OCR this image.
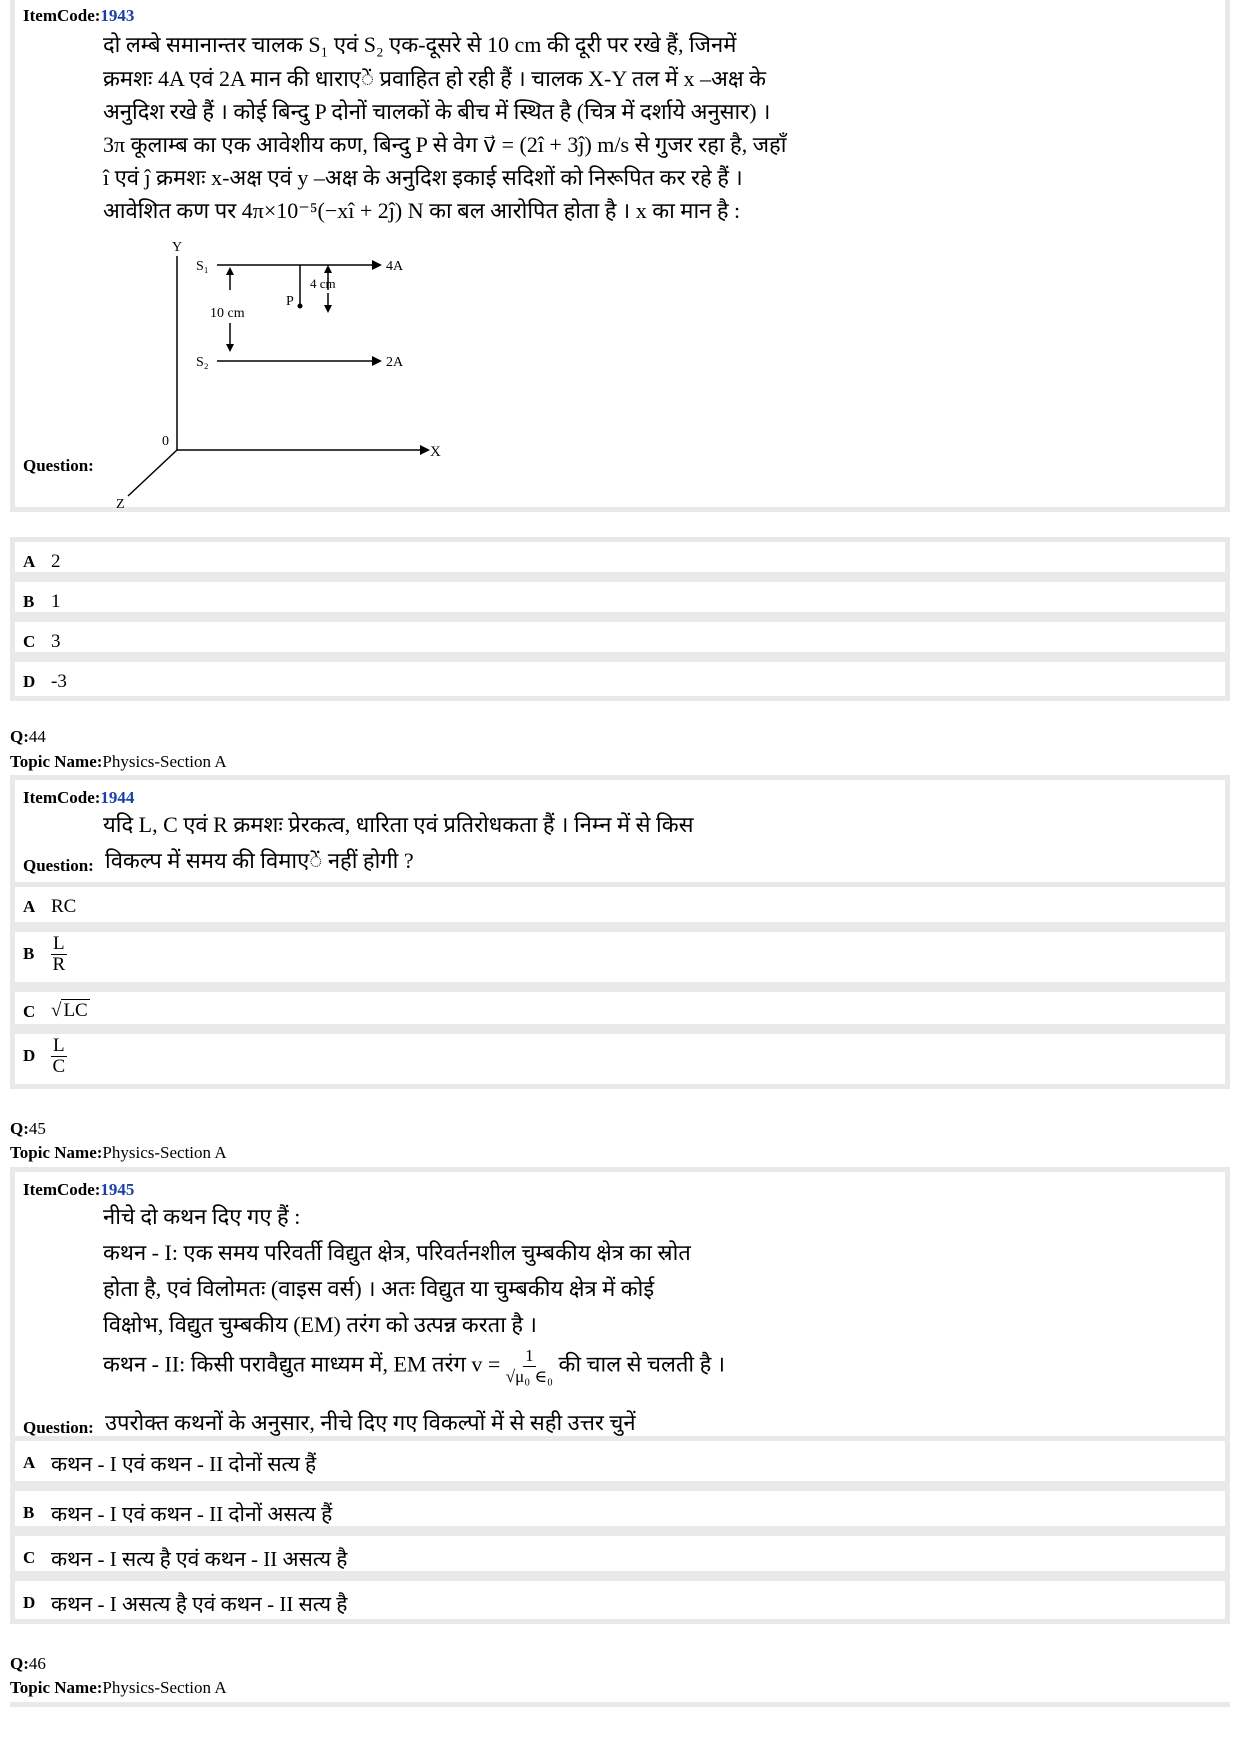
ItemCode:1943
दो लम्बे समानान्तर चालक S₁ एवं S₂ एक-दूसरे से 10 cm की दूरी पर रखे हैं, जिनमें
क्रमशः 4A एवं 2A मान की धाराएें प्रवाहित हो रही हैं । चालक X-Y तल में x –अक्ष के
अनुदिश रखे हैं । कोई बिन्दु P दोनों चालकों के बीच में स्थित है (चित्र में दर्शाये अनुसार) ।
3π कूलाम्ब का एक आवेशीय कण, बिन्दु P से वेग v⃗ = (2î + 3ĵ) m/s से गुजर रहा है, जहाँ
î एवं ĵ क्रमशः x-अक्ष एवं y –अक्ष के अनुदिश इकाई सदिशों को निरूपित कर रहे हैं ।
आवेशित कण पर 4π×10⁻⁵(−xî + 2ĵ) N का बल आरोपित होता है । x का मान है :
Y
X
Z
0
S₁
S₂
4A
2A
10 cm
P
4 cm
Question:
A 2
B 1
C 3
D -3
Q:44
Topic Name:Physics-Section A
ItemCode:1944
यदि L, C एवं R क्रमशः प्रेरकत्व, धारिता एवं प्रतिरोधकता हैं । निम्न में से किस
Question: विकल्प में समय की विमाएें नहीं होगी ?
A RC
B $\frac{L}{R}$
C √ LC
D $\frac{L}{C}$
Q:45
Topic Name:Physics-Section A
ItemCode:1945
नीचे दो कथन दिए गए हैं :
कथन - I: एक समय परिवर्ती विद्युत क्षेत्र, परिवर्तनशील चुम्बकीय क्षेत्र का स्रोत
होता है, एवं विलोमतः (वाइस वर्स) । अतः विद्युत या चुम्बकीय क्षेत्र में कोई
विक्षोभ, विद्युत चुम्बकीय (EM) तरंग को उत्पन्न करता है ।
कथन - II: किसी परावैद्युत माध्यम में, EM तरंग $v = \frac{1}{\text{√μ₀ ∈₀}}$ की चाल से चलती है ।
Question: उपरोक्त कथनों के अनुसार, नीचे दिए गए विकल्पों में से सही उत्तर चुनें
A कथन - I एवं कथन - II दोनों सत्य हैं
B कथन - I एवं कथन - II दोनों असत्य हैं
C कथन - I सत्य है एवं कथन - II असत्य है
D कथन - I असत्य है एवं कथन - II सत्य है
Q:46
Topic Name:Physics-Section A
